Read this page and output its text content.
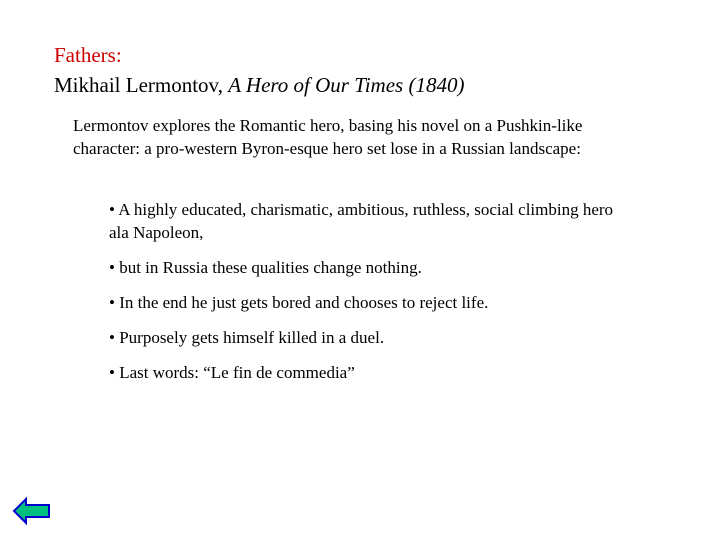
Fathers:
Mikhail Lermontov, A Hero of Our Times (1840)
Lermontov explores the Romantic hero, basing his novel on a Pushkin-like character: a pro-western Byron-esque hero set lose in a Russian landscape:
• A highly educated, charismatic, ambitious, ruthless, social climbing hero ala Napoleon,
• but in Russia these qualities change nothing.
• In the end he just gets bored and chooses to reject life.
• Purposely gets himself killed in a duel.
• Last words: “Le fin de commedia”
